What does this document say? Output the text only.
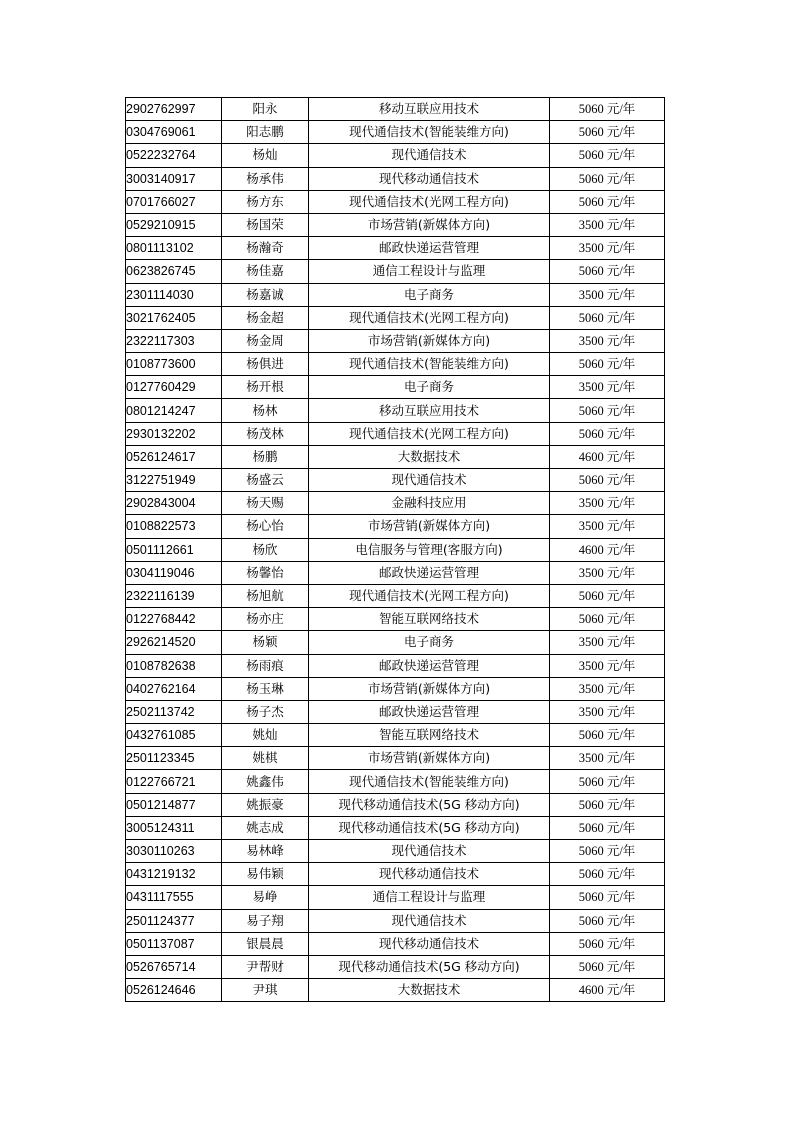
2902762997	阳永	移动互联应用技术	5060 元/年
0304769061	阳志鹏	现代通信技术(智能装维方向)	5060 元/年
0522232764	杨灿	现代通信技术	5060 元/年
3003140917	杨承伟	现代移动通信技术	5060 元/年
0701766027	杨方东	现代通信技术(光网工程方向)	5060 元/年
0529210915	杨国荣	市场营销(新媒体方向)	3500 元/年
0801113102	杨瀚奇	邮政快递运营管理	3500 元/年
0623826745	杨佳嘉	通信工程设计与监理	5060 元/年
2301114030	杨嘉诚	电子商务	3500 元/年
3021762405	杨金超	现代通信技术(光网工程方向)	5060 元/年
2322117303	杨金周	市场营销(新媒体方向)	3500 元/年
0108773600	杨俱进	现代通信技术(智能装维方向)	5060 元/年
0127760429	杨开根	电子商务	3500 元/年
0801214247	杨林	移动互联应用技术	5060 元/年
2930132202	杨茂林	现代通信技术(光网工程方向)	5060 元/年
0526124617	杨鹏	大数据技术	4600 元/年
3122751949	杨盛云	现代通信技术	5060 元/年
2902843004	杨天赐	金融科技应用	3500 元/年
0108822573	杨心怡	市场营销(新媒体方向)	3500 元/年
0501112661	杨欣	电信服务与管理(客服方向)	4600 元/年
0304119046	杨馨怡	邮政快递运营管理	3500 元/年
2322116139	杨旭航	现代通信技术(光网工程方向)	5060 元/年
0122768442	杨亦庄	智能互联网络技术	5060 元/年
2926214520	杨颖	电子商务	3500 元/年
0108782638	杨雨痕	邮政快递运营管理	3500 元/年
0402762164	杨玉琳	市场营销(新媒体方向)	3500 元/年
2502113742	杨子杰	邮政快递运营管理	3500 元/年
0432761085	姚灿	智能互联网络技术	5060 元/年
2501123345	姚棋	市场营销(新媒体方向)	3500 元/年
0122766721	姚鑫伟	现代通信技术(智能装维方向)	5060 元/年
0501214877	姚振豪	现代移动通信技术(5G 移动方向)	5060 元/年
3005124311	姚志成	现代移动通信技术(5G 移动方向)	5060 元/年
3030110263	易林峰	现代通信技术	5060 元/年
0431219132	易伟颖	现代移动通信技术	5060 元/年
0431117555	易峥	通信工程设计与监理	5060 元/年
2501124377	易子翔	现代通信技术	5060 元/年
0501137087	银晨晨	现代移动通信技术	5060 元/年
0526765714	尹帮财	现代移动通信技术(5G 移动方向)	5060 元/年
0526124646	尹琪	大数据技术	4600 元/年
